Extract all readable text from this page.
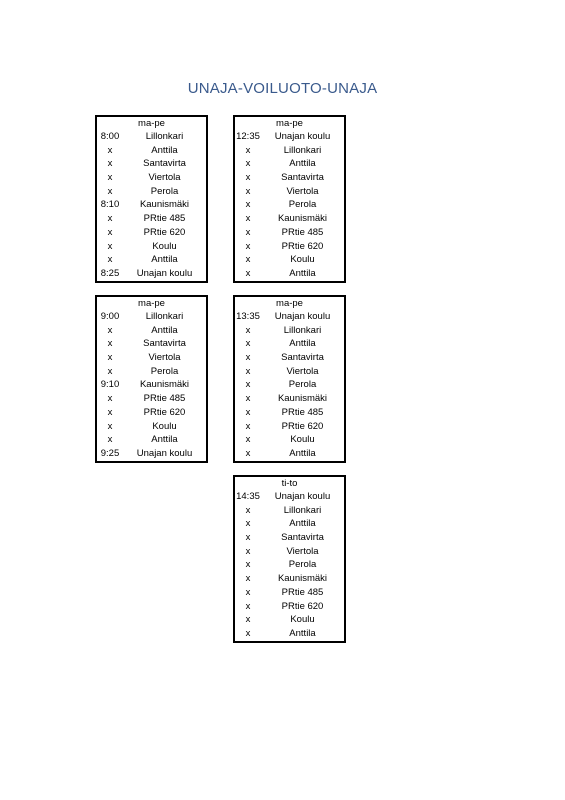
UNAJA-VOILUOTO-UNAJA
ma-pe
8:00	Lillonkari
x	Anttila
x	Santavirta
x	Viertola
x	Perola
8:10	Kaunismäki
x	PRtie 485
x	PRtie 620
x	Koulu
x	Anttila
8:25	Unajan koulu
ma-pe
12:35	Unajan koulu
x	Lillonkari
x	Anttila
x	Santavirta
x	Viertola
x	Perola
x	Kaunismäki
x	PRtie 485
x	PRtie 620
x	Koulu
x	Anttila
ma-pe
9:00	Lillonkari
x	Anttila
x	Santavirta
x	Viertola
x	Perola
9:10	Kaunismäki
x	PRtie 485
x	PRtie 620
x	Koulu
x	Anttila
9:25	Unajan koulu
ma-pe
13:35	Unajan koulu
x	Lillonkari
x	Anttila
x	Santavirta
x	Viertola
x	Perola
x	Kaunismäki
x	PRtie 485
x	PRtie 620
x	Koulu
x	Anttila
ti-to
14:35	Unajan koulu
x	Lillonkari
x	Anttila
x	Santavirta
x	Viertola
x	Perola
x	Kaunismäki
x	PRtie 485
x	PRtie 620
x	Koulu
x	Anttila
